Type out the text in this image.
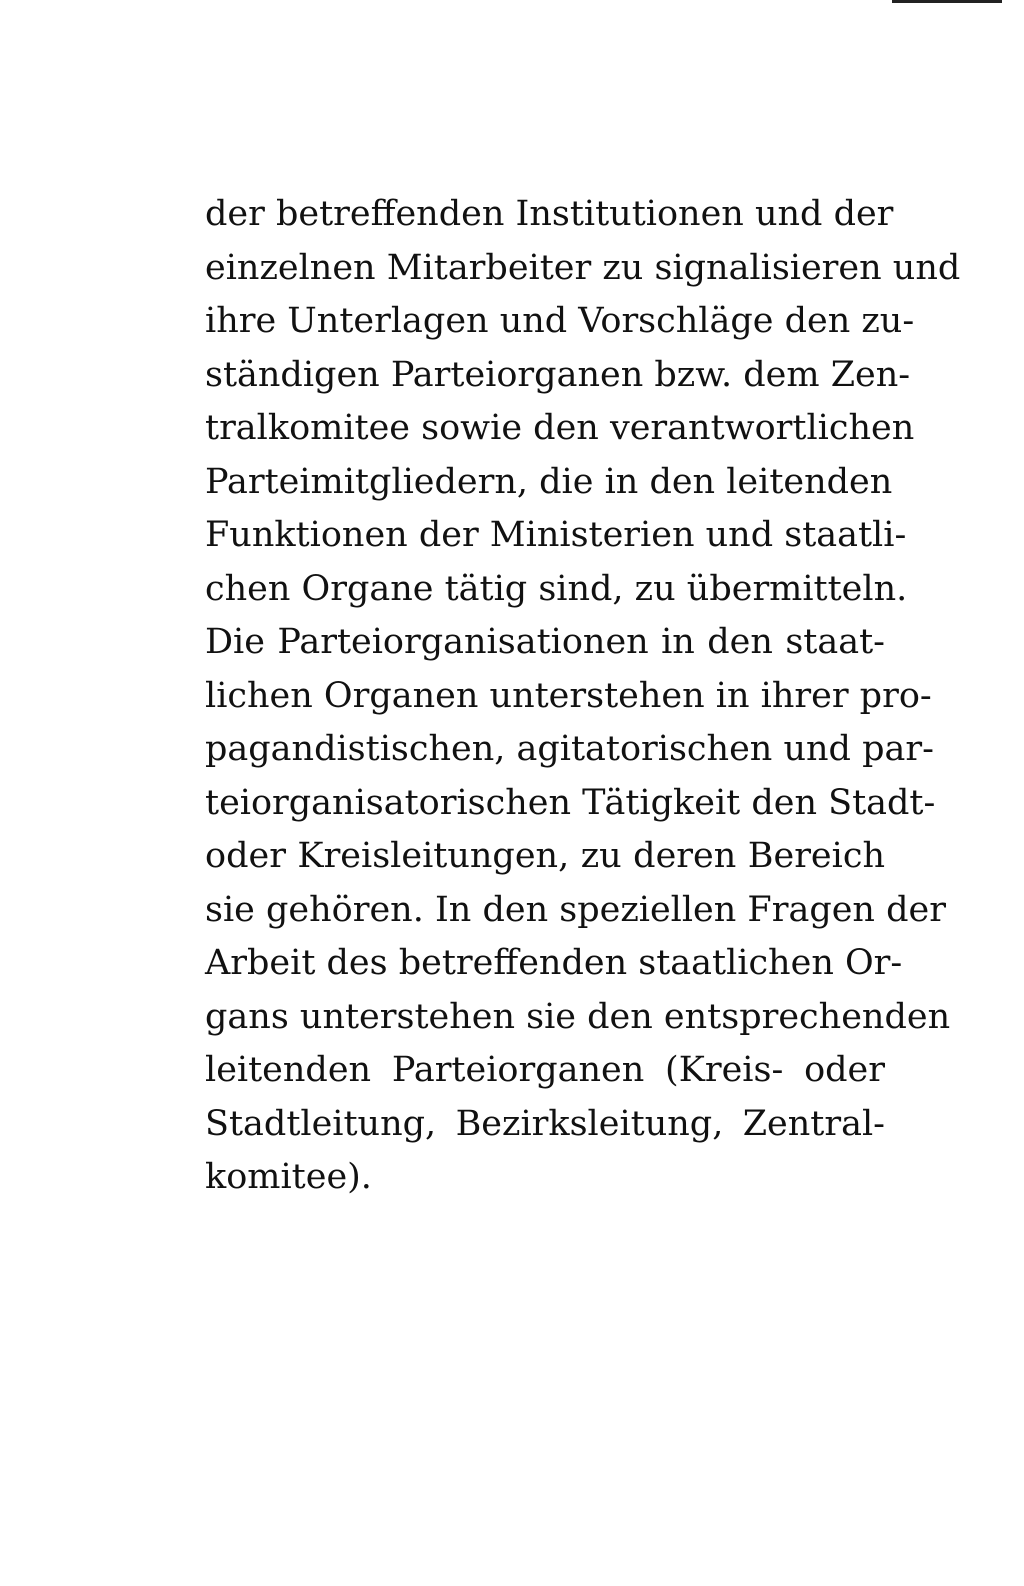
der betreffenden Institutionen und der
einzelnen Mitarbeiter zu signalisieren und
ihre Unterlagen und Vorschläge den zu-
ständigen Parteiorganen bzw. dem Zen-
tralkomitee sowie den verantwortlichen
Parteimitgliedern, die in den leitenden
Funktionen der Ministerien und staatli-
chen Organe tätig sind, zu übermitteln.
Die Parteiorganisationen in den staat-
lichen Organen unterstehen in ihrer pro-
pagandistischen, agitatorischen und par-
teiorganisatorischen Tätigkeit den Stadt-
oder Kreisleitungen, zu deren Bereich
sie gehören. In den speziellen Fragen der
Arbeit des betreffenden staatlichen Or-
gans unterstehen sie den entsprechenden
leitenden Parteiorganen (Kreis- oder
Stadtleitung, Bezirksleitung, Zentral-
komitee).
